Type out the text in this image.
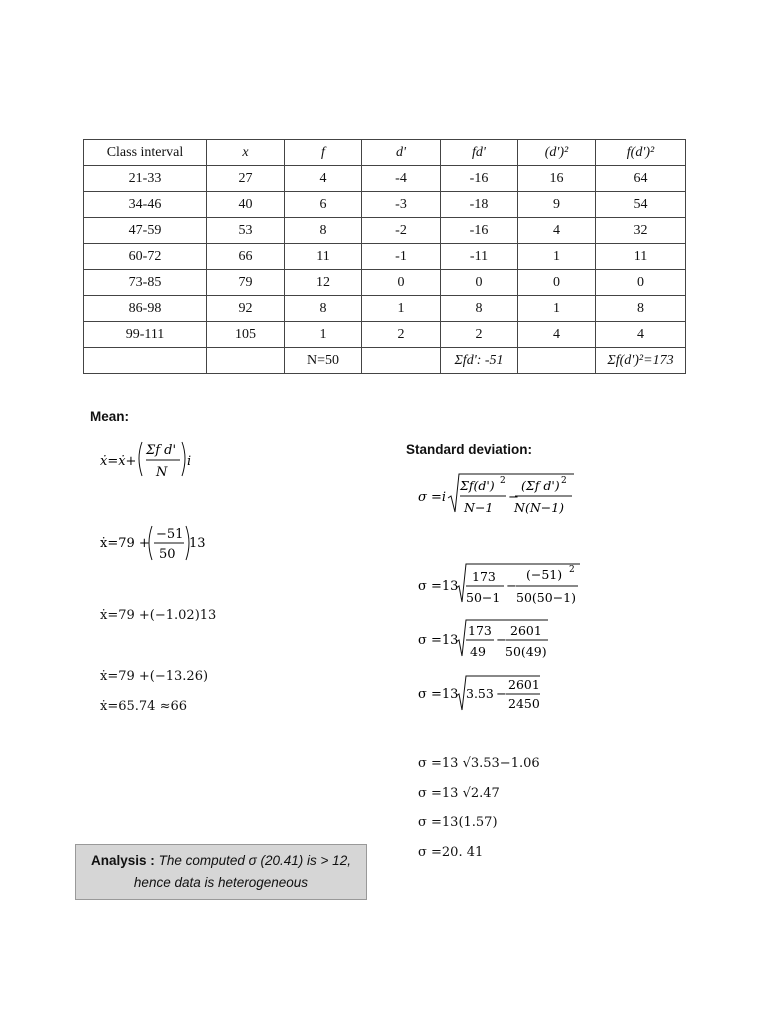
Class interval	x	f	d'	fd'	(d')²	f(d')²
21-33	27	4	-4	-16	16	64
34-46	40	6	-3	-18	9	54
47-59	53	8	-2	-16	4	32
60-72	66	11	-1	-11	1	11
73-85	79	12	0	0	0	0
86-98	92	8	1	8	1	8
99-111	105	1	2	2	4	4
		N=50		Σfd': -51		Σf(d')²=173
Mean:
ẋ=ẋ+
Σf d'
N
i
ẋ=79 +
−51
50
13
ẋ=79 +(−1.02)13
ẋ=79 +(−13.26)
ẋ=65.74 ≈66
Standard deviation:
σ =i
Σf(d') 2
N−1
−
(Σf d') 2
N(N−1)
σ =13
173
50−1
−
(−51) 2
50(50−1)
σ =13
173
49
−
2601
50(49)
σ =13 3.53 −
2601
2450
σ =13 √3.53−1.06
σ =13 √2.47
σ =13(1.57)
σ =20. 41
Analysis : The computed σ (20.41) is > 12,
hence data is heterogeneous
